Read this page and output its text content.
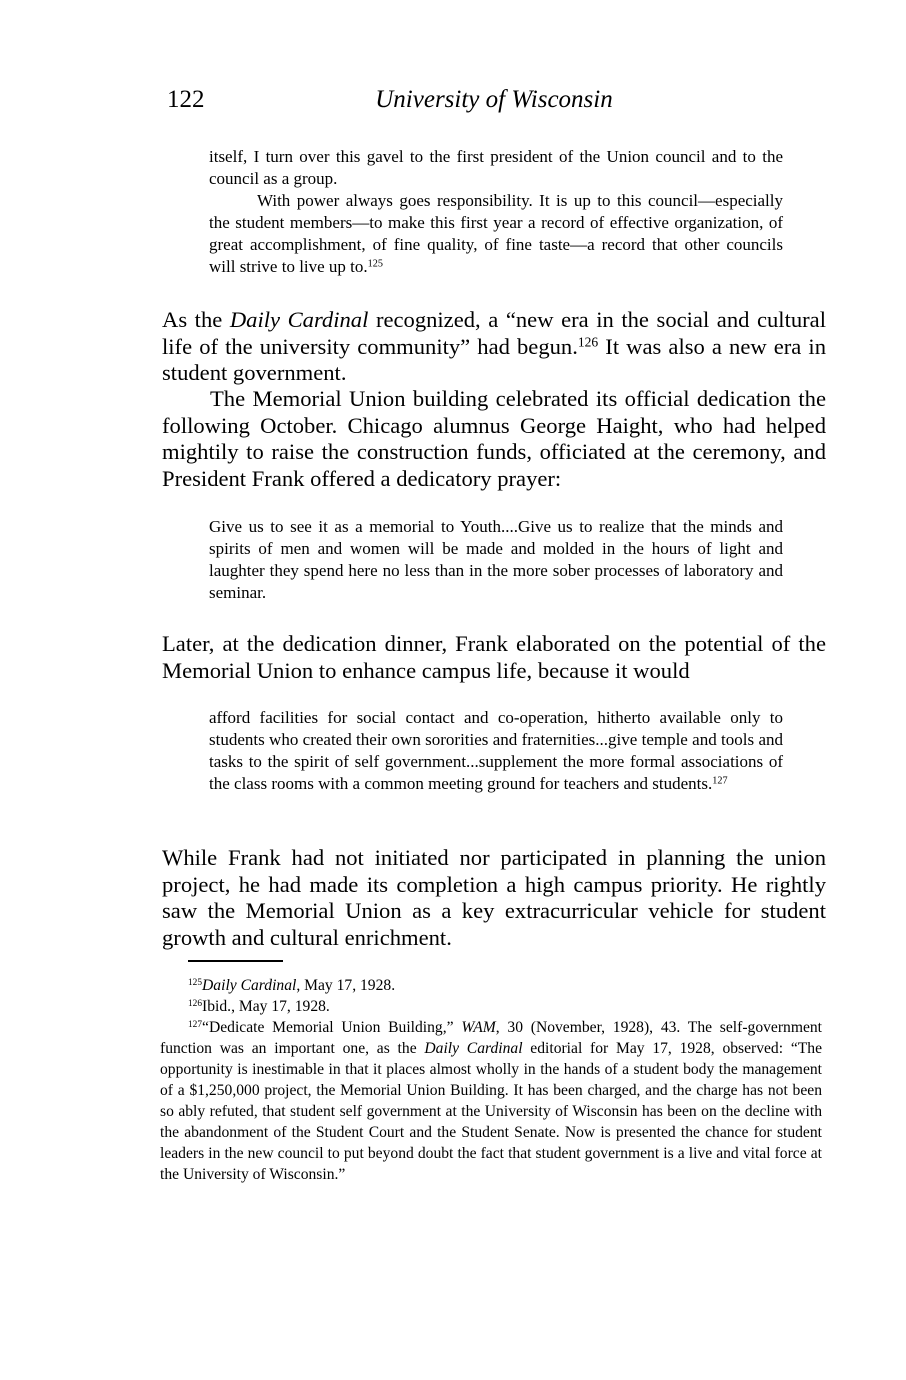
122	University of Wisconsin

itself, I turn over this gavel to the first president of the Union council and to the council as a group.

With power always goes responsibility. It is up to this council—especially the student members—to make this first year a record of effective organization, of great accomplishment, of fine quality, of fine taste—a record that other councils will strive to live up to.$^{125}$

As the Daily Cardinal recognized, a “new era in the social and cultural life of the university community” had begun.$^{126}$ It was also a new era in student government.

The Memorial Union building celebrated its official dedication the following October. Chicago alumnus George Haight, who had helped mightily to raise the construction funds, officiated at the ceremony, and President Frank offered a dedicatory prayer:

Give us to see it as a memorial to Youth....Give us to realize that the minds and spirits of men and women will be made and molded in the hours of light and laughter they spend here no less than in the more sober processes of laboratory and seminar.

Later, at the dedication dinner, Frank elaborated on the potential of the Memorial Union to enhance campus life, because it would

afford facilities for social contact and co-operation, hitherto available only to students who created their own sororities and fraternities...give temple and tools and tasks to the spirit of self government...supplement the more formal associations of the class rooms with a common meeting ground for teachers and students.$^{127}$

While Frank had not initiated nor participated in planning the union project, he had made its completion a high campus priority. He rightly saw the Memorial Union as a key extracurricular vehicle for student growth and cultural enrichment.

$^{125}$Daily Cardinal, May 17, 1928.

$^{126}$Ibid., May 17, 1928.

$^{127}$“Dedicate Memorial Union Building,” WAM, 30 (November, 1928), 43. The self-government function was an important one, as the Daily Cardinal editorial for May 17, 1928, observed: “The opportunity is inestimable in that it places almost wholly in the hands of a student body the management of a $1,250,000 project, the Memorial Union Building. It has been charged, and the charge has not been so ably refuted, that student self government at the University of Wisconsin has been on the decline with the abandonment of the Student Court and the Student Senate. Now is presented the chance for student leaders in the new council to put beyond doubt the fact that student government is a live and vital force at the University of Wisconsin.”
